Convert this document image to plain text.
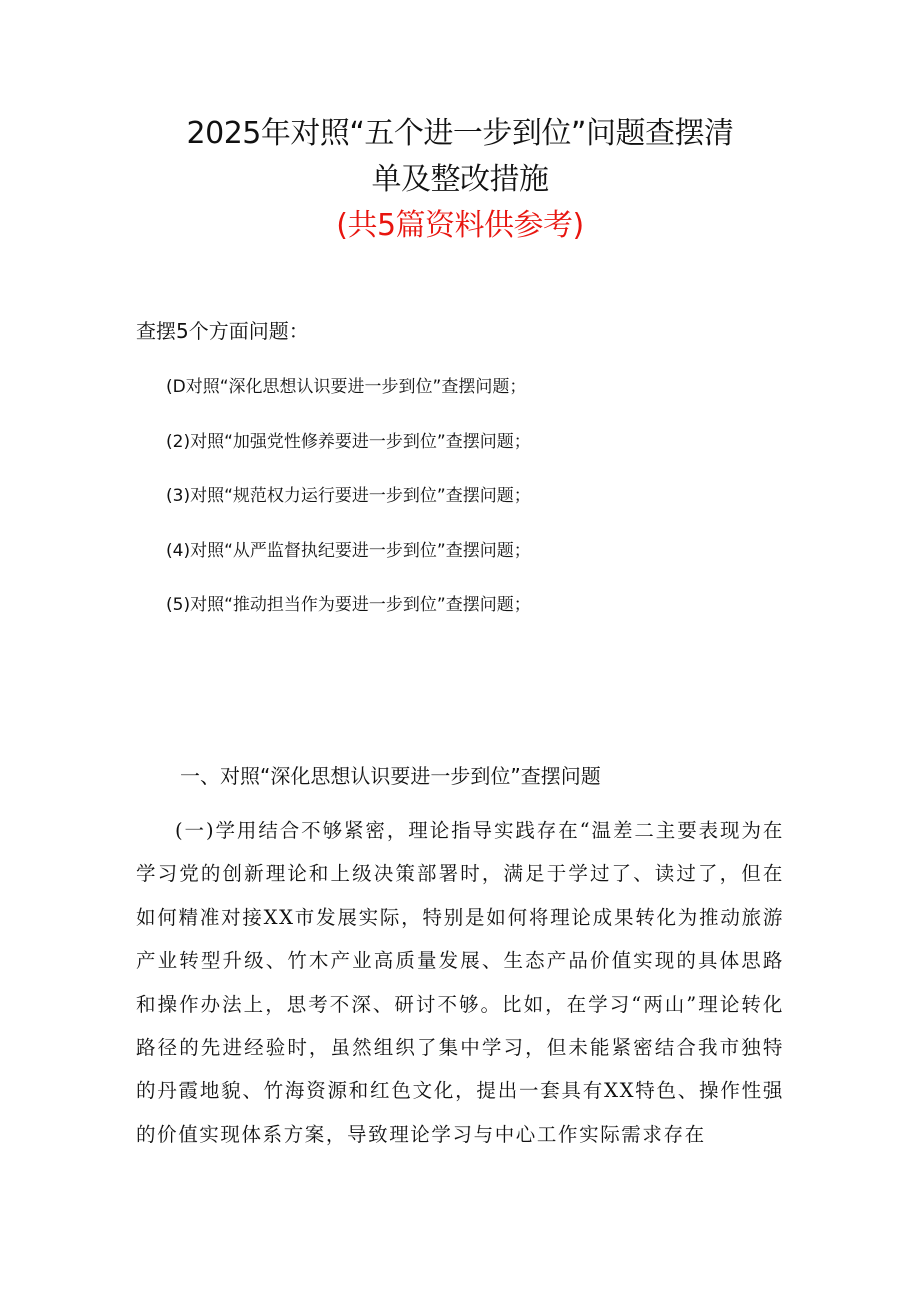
2025年对照“五个进一步到位”问题查摆清
单及整改措施
(共5篇资料供参考)
查摆5个方面问题：
(D对照“深化思想认识要进一步到位”查摆问题；
(2)对照“加强党性修养要进一步到位”查摆问题；
(3)对照“规范权力运行要进一步到位”查摆问题；
(4)对照“从严监督执纪要进一步到位”查摆问题；
(5)对照“推动担当作为要进一步到位”查摆问题；
一、对照“深化思想认识要进一步到位”查摆问题

(一)学用结合不够紧密，理论指导实践存在“温差二主要表现为在学习党的创新理论和上级决策部署时，满足于学过了、读过了，但在如何精准对接XX市发展实际，特别是如何将理论成果转化为推动旅游产业转型升级、竹木产业高质量发展、生态产品价值实现的具体思路和操作办法上，思考不深、研讨不够。比如，在学习“两山”理论转化路径的先进经验时，虽然组织了集中学习，但未能紧密结合我市独特的丹霞地貌、竹海资源和红色文化，提出一套具有XX特色、操作性强的价值实现体系方案，导致理论学习与中心工作实际需求存在
